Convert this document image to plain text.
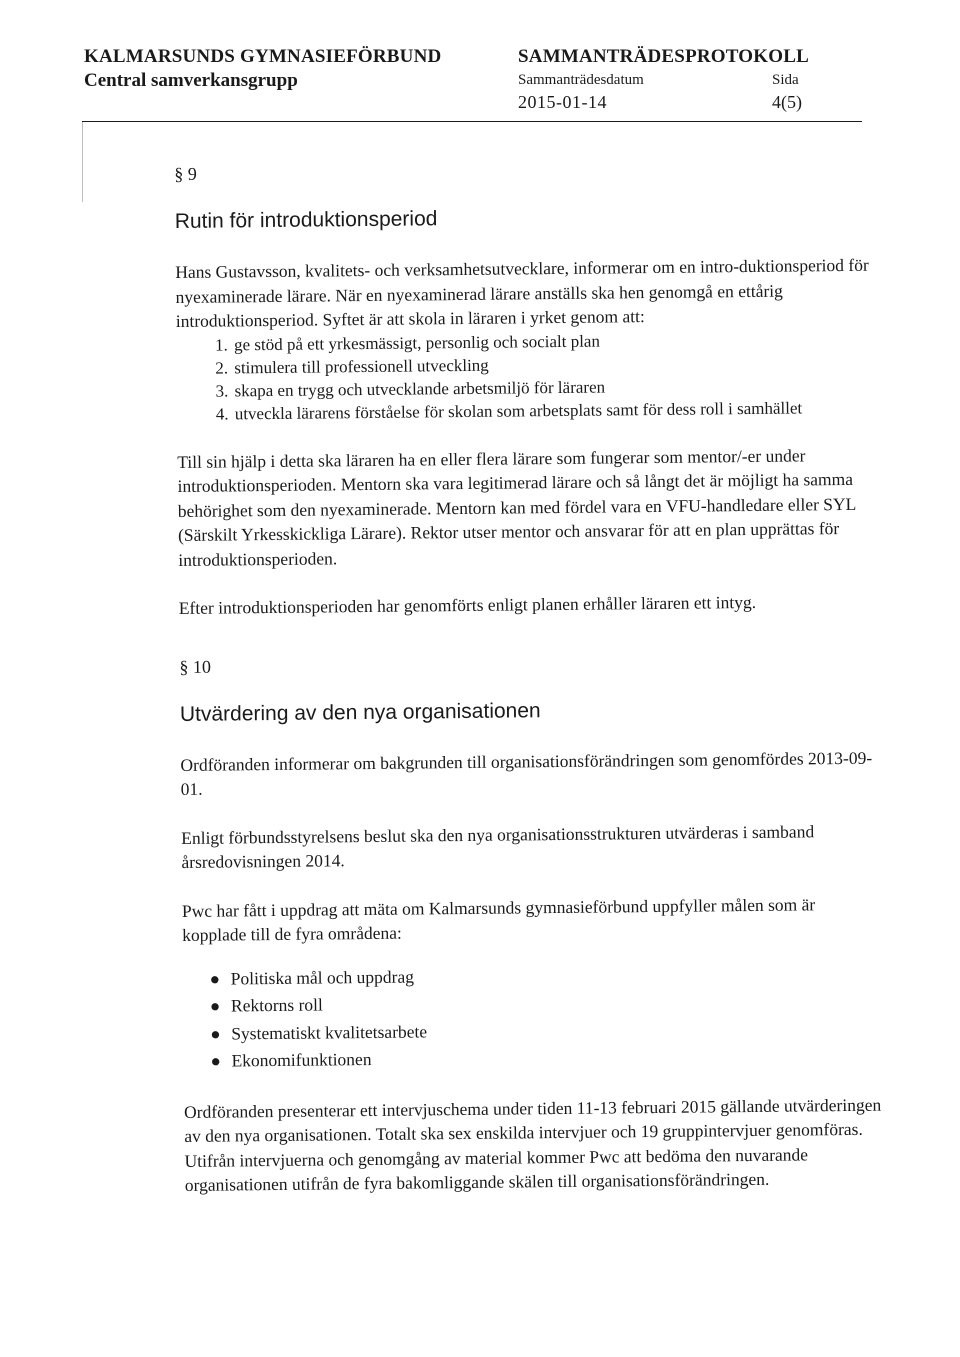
KALMARSUNDS GYMNASIEFÖRBUND
Central samverkansgrupp
SAMMANTRÄDESPROTOKOLL
Sammanträdesdatum	Sida
2015-01-14	4(5)
§ 9
Rutin för introduktionsperiod

Hans Gustavsson, kvalitets- och verksamhetsutvecklare, informerar om en intro-duktionsperiod för nyexaminerade lärare. När en nyexaminerad lärare anställs ska hen genomgå en ettårig introduktionsperiod. Syftet är att skola in läraren i yrket genom att:

1. ge stöd på ett yrkesmässigt, personlig och socialt plan
2. stimulera till professionell utveckling
3. skapa en trygg och utvecklande arbetsmiljö för läraren
4. utveckla lärarens förståelse för skolan som arbetsplats samt för dess roll i samhället

Till sin hjälp i detta ska läraren ha en eller flera lärare som fungerar som mentor/-er under introduktionsperioden. Mentorn ska vara legitimerad lärare och så långt det är möjligt ha samma behörighet som den nyexaminerade. Mentorn kan med fördel vara en VFU-handledare eller SYL (Särskilt Yrkesskickliga Lärare). Rektor utser mentor och ansvarar för att en plan upprättas för introduktionsperioden.

Efter introduktionsperioden har genomförts enligt planen erhåller läraren ett intyg.

§ 10
Utvärdering av den nya organisationen

Ordföranden informerar om bakgrunden till organisationsförändringen som genomfördes 2013-09-01.

Enligt förbundsstyrelsens beslut ska den nya organisationsstrukturen utvärderas i samband årsredovisningen 2014.

Pwc har fått i uppdrag att mäta om Kalmarsunds gymnasieförbund uppfyller målen som är kopplade till de fyra områdena:

● Politiska mål och uppdrag
● Rektorns roll
● Systematiskt kvalitetsarbete
● Ekonomifunktionen

Ordföranden presenterar ett intervjuschema under tiden 11-13 februari 2015 gällande utvärderingen av den nya organisationen. Totalt ska sex enskilda intervjuer och 19 gruppintervjuer genomföras. Utifrån intervjuerna och genomgång av material kommer Pwc att bedöma den nuvarande organisationen utifrån de fyra bakomliggande skälen till organisationsförändringen.
